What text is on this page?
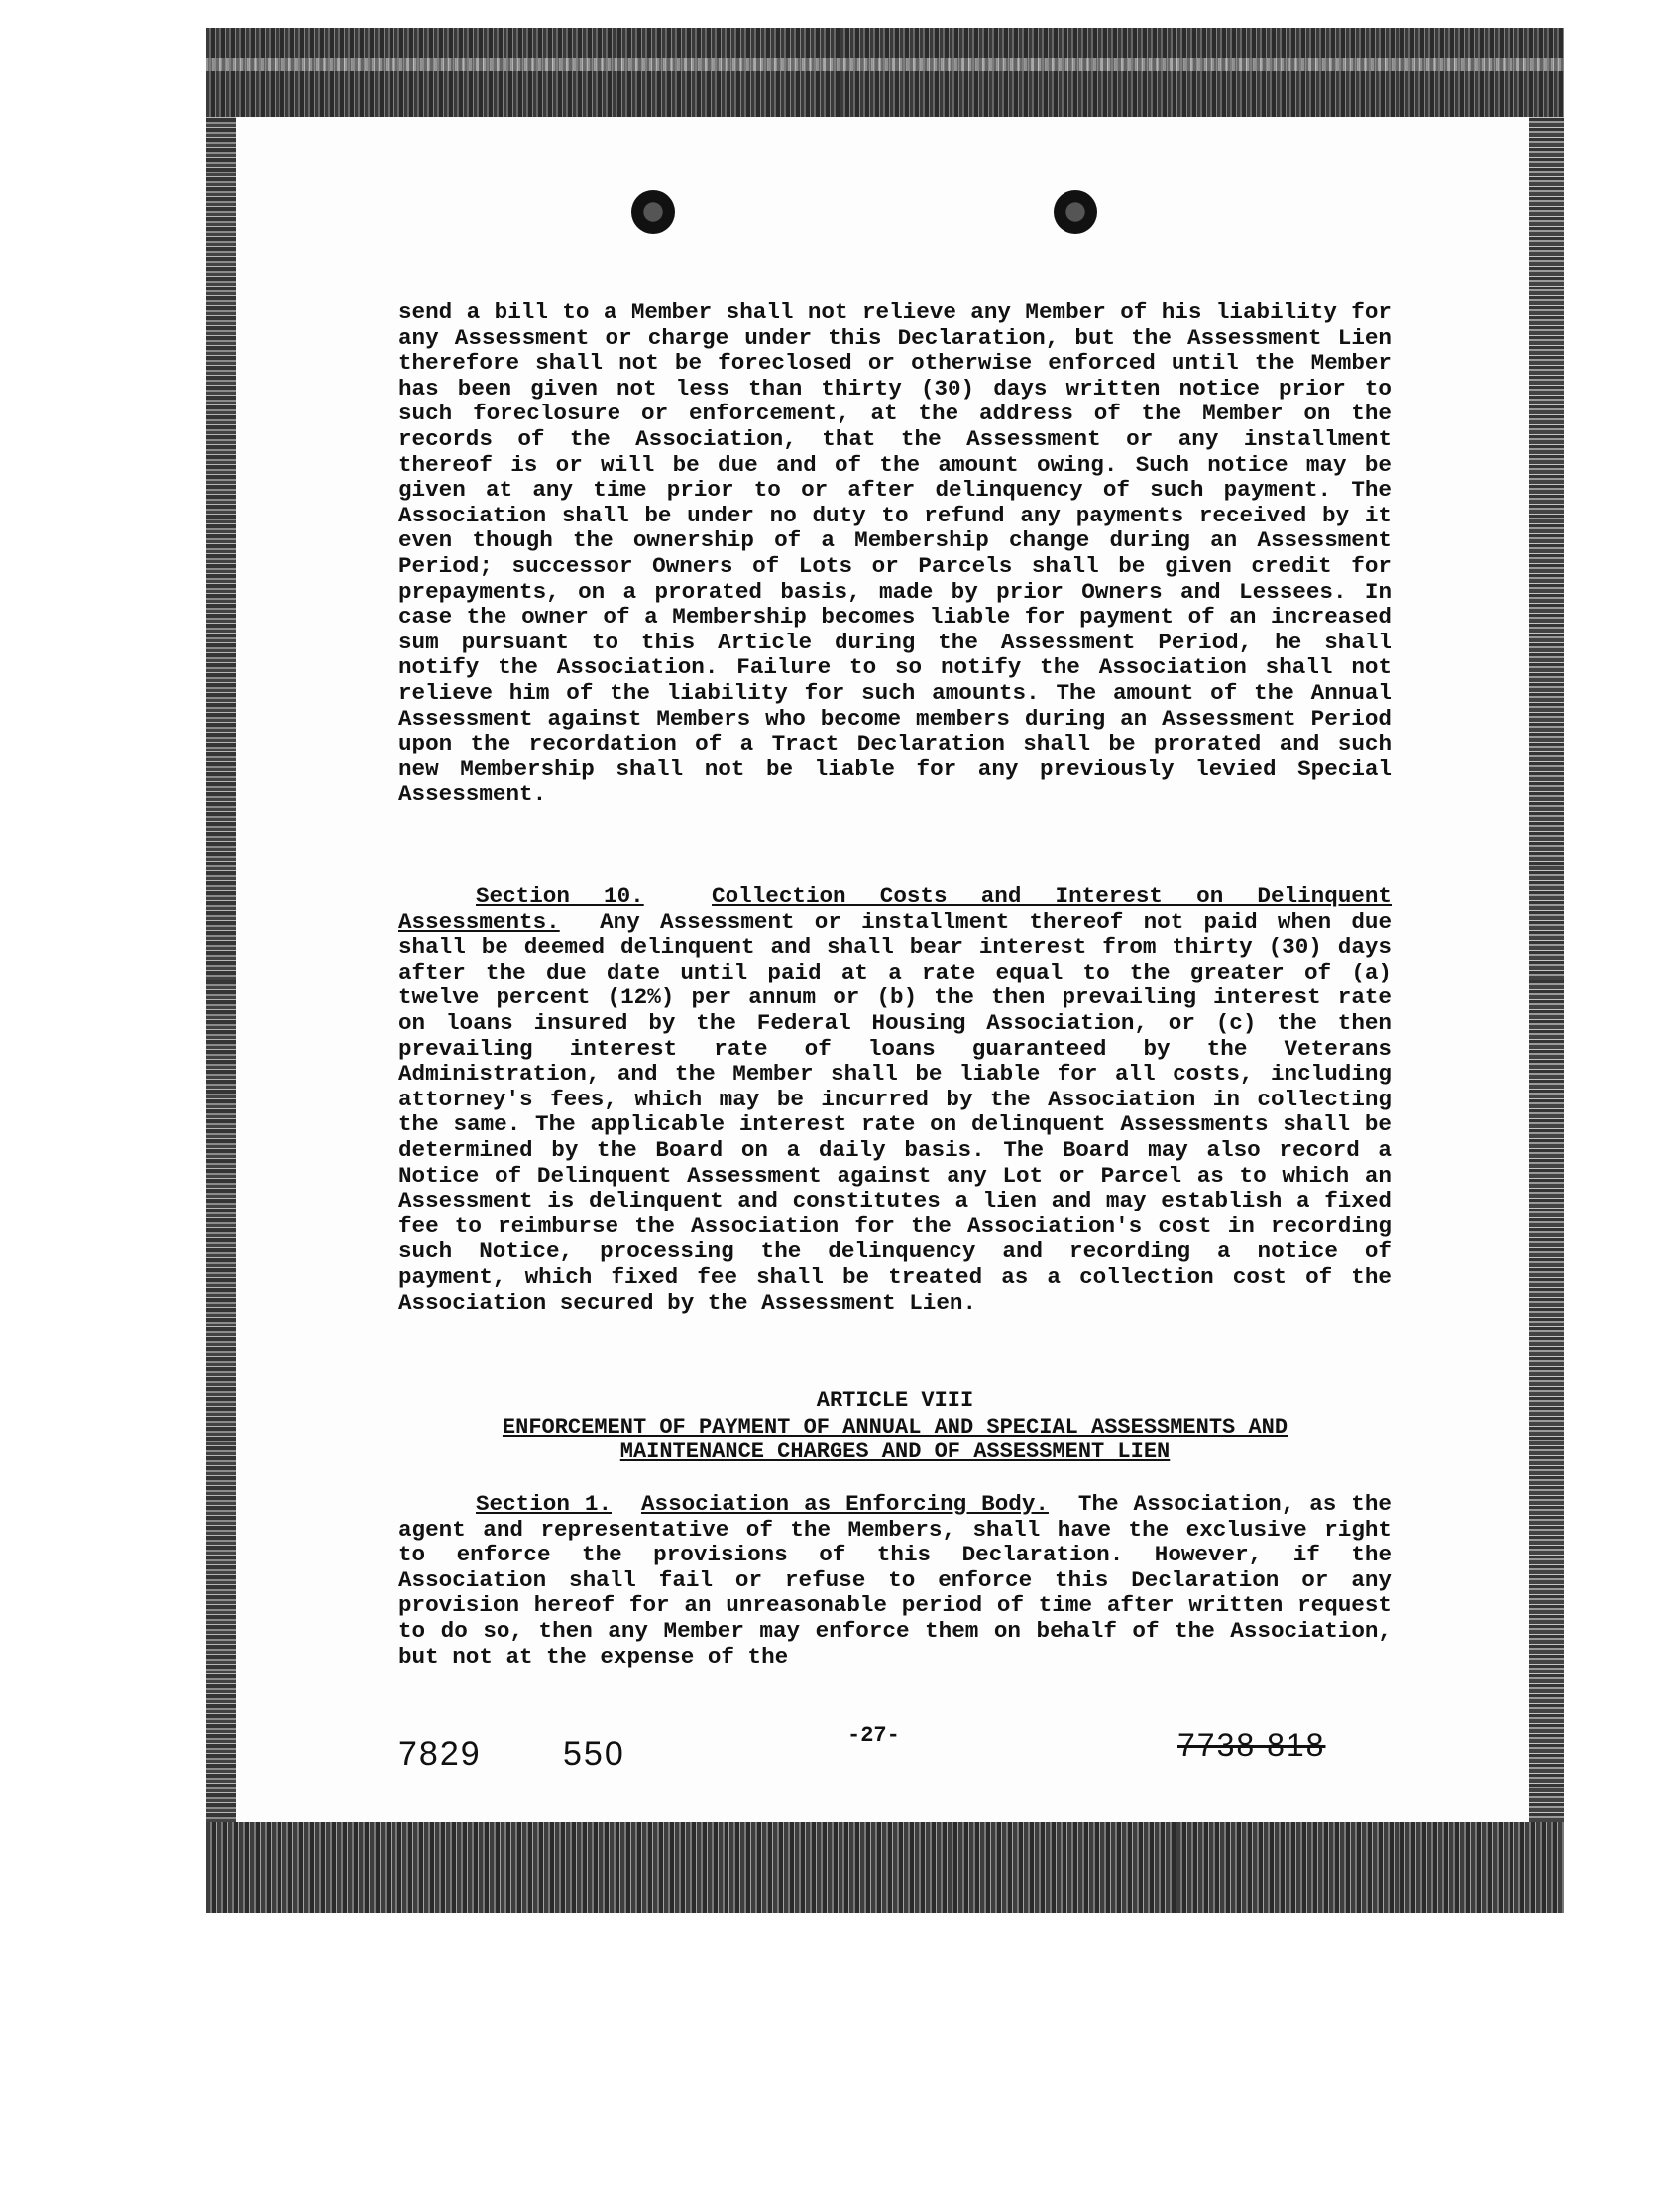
send a bill to a Member shall not relieve any Member of his liability for any Assessment or charge under this Declaration, but the Assessment Lien therefore shall not be foreclosed or otherwise enforced until the Member has been given not less than thirty (30) days written notice prior to such foreclosure or enforcement, at the address of the Member on the records of the Association, that the Assessment or any installment thereof is or will be due and of the amount owing. Such notice may be given at any time prior to or after delinquency of such payment. The Association shall be under no duty to refund any payments received by it even though the ownership of a Membership change during an Assessment Period; successor Owners of Lots or Parcels shall be given credit for prepayments, on a prorated basis, made by prior Owners and Lessees. In case the owner of a Membership becomes liable for payment of an increased sum pursuant to this Article during the Assessment Period, he shall notify the Association. Failure to so notify the Association shall not relieve him of the liability for such amounts. The amount of the Annual Assessment against Members who become members during an Assessment Period upon the recordation of a Tract Declaration shall be prorated and such new Membership shall not be liable for any previously levied Special Assessment.

Section 10.	Collection Costs and Interest on Delinquent Assessments. Any Assessment or installment thereof not paid when due shall be deemed delinquent and shall bear interest from thirty (30) days after the due date until paid at a rate equal to the greater of (a) twelve percent (12%) per annum or (b) the then prevailing interest rate on loans insured by the Federal Housing Association, or (c) the then prevailing interest rate of loans guaranteed by the Veterans Administration, and the Member shall be liable for all costs, including attorney's fees, which may be incurred by the Association in collecting the same. The applicable interest rate on delinquent Assessments shall be determined by the Board on a daily basis. The Board may also record a Notice of Delinquent Assessment against any Lot or Parcel as to which an Assessment is delinquent and constitutes a lien and may establish a fixed fee to reimburse the Association for the Association's cost in recording such Notice, processing the delinquency and recording a notice of payment, which fixed fee shall be treated as a collection cost of the Association secured by the Assessment Lien.

ARTICLE VIII
ENFORCEMENT OF PAYMENT OF ANNUAL AND SPECIAL ASSESSMENTS AND
MAINTENANCE CHARGES AND OF ASSESSMENT LIEN

Section 1. Association as Enforcing Body. The Association, as the agent and representative of the Members, shall have the exclusive right to enforce the provisions of this Declaration. However, if the Association shall fail or refuse to enforce this Declaration or any provision hereof for an unreasonable period of time after written request to do so, then any Member may enforce them on behalf of the Association, but not at the expense of the

7829 550	-27-	7738 818
